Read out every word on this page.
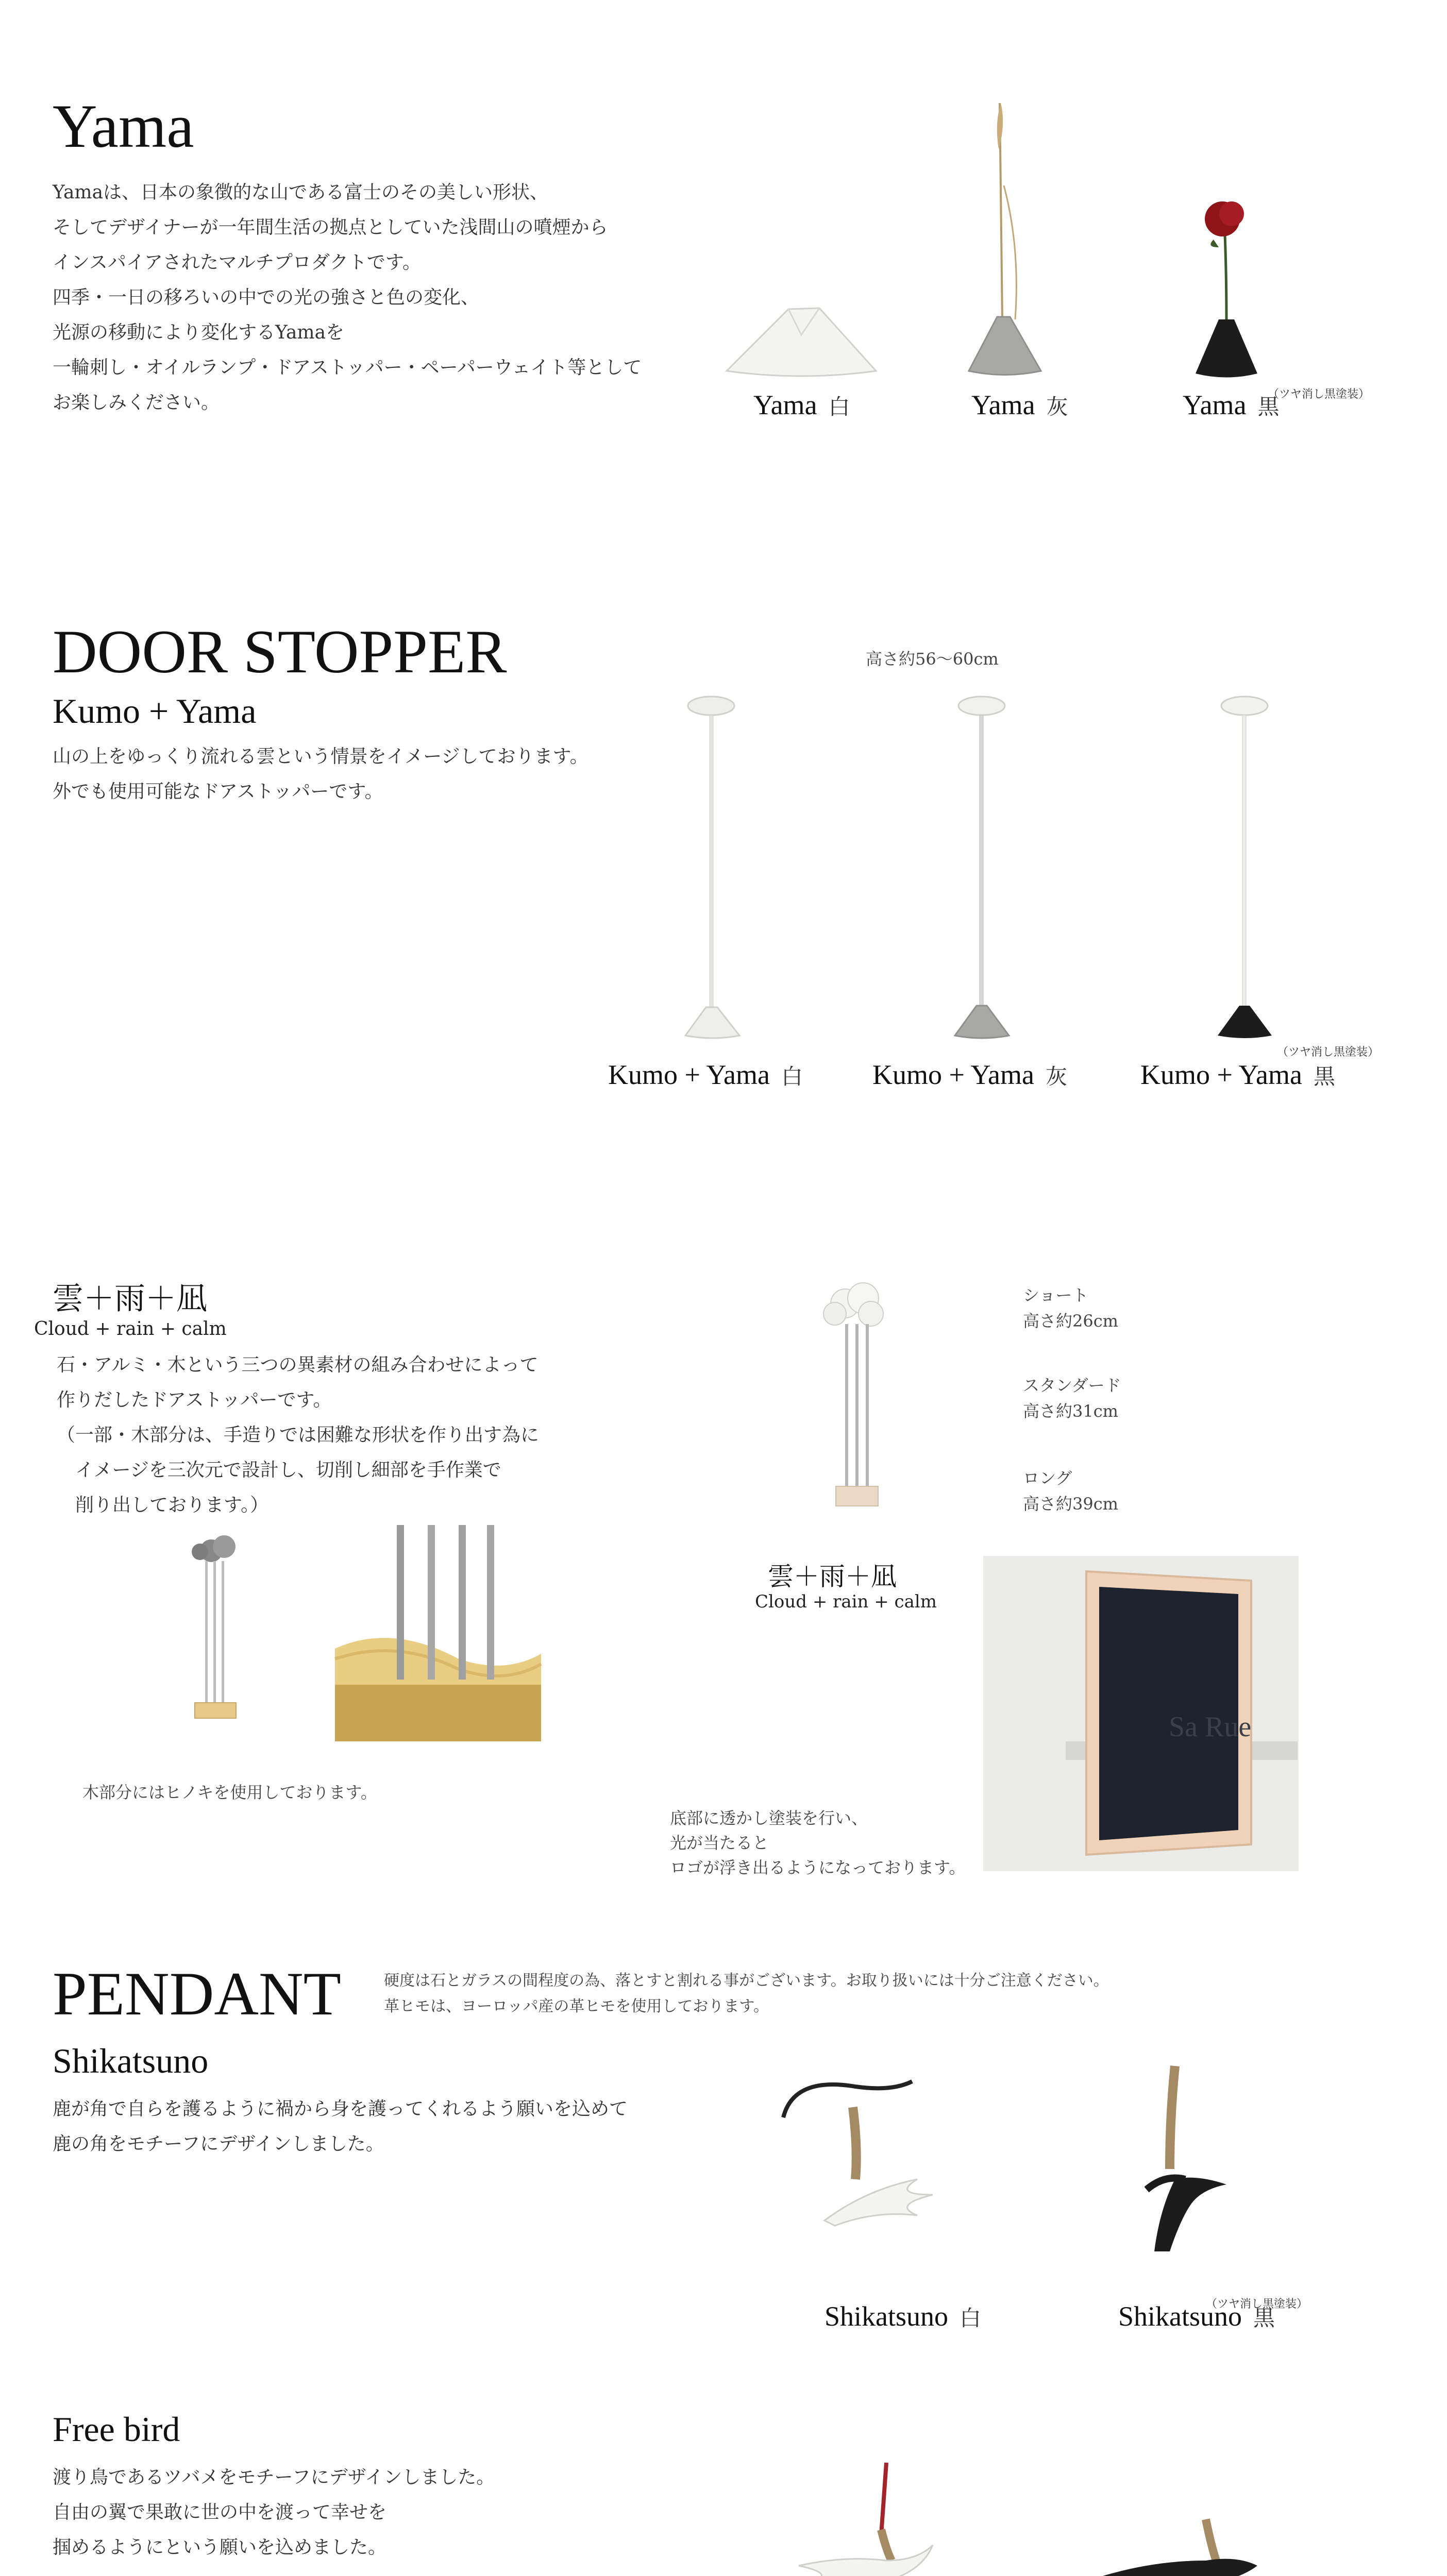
Yama
Yamaは、日本の象徴的な山である富士のその美しい形状、
そしてデザイナーが一年間生活の拠点としていた浅間山の噴煙から
インスパイアされたマルチプロダクトです。
四季・一日の移ろいの中での光の強さと色の変化、
光源の移動により変化するYamaを
一輪刺し・オイルランプ・ドアストッパー・ペーパーウェイト等として
お楽しみください。	Yama 白	Yama 灰
（ツヤ消し黒塗装）
Yama 黒
DOOR STOPPER
Kumo + Yama
山の上をゆっくり流れる雲という情景をイメージしております。
外でも使用可能なドアストッパーです。
高さ約56～60cm
Kumo + Yama 白	Kumo + Yama 灰
（ツヤ消し黒塗装）
Kumo + Yama 黒
雲＋雨＋凪
Cloud + rain + calm
石・アルミ・木という三つの異素材の組み合わせによって
作りだしたドアストッパーです。
（一部・木部分は、手造りでは困難な形状を作り出す為に
　イメージを三次元で設計し、切削し細部を手作業で
　削り出しております。）
木部分にはヒノキを使用しております。
雲＋雨＋凪
Cloud + rain + calm
ショート
高さ約26cm
スタンダード
高さ約31cm
ロング
高さ約39cm
Sa Rue
底部に透かし塗装を行い、
光が当たると
ロゴが浮き出るようになっております。
PENDANT	硬度は石とガラスの間程度の為、落とすと割れる事がございます。お取り扱いには十分ご注意ください。
革ヒモは、ヨーロッパ産の革ヒモを使用しております。
Shikatsuno
鹿が角で自らを護るように禍から身を護ってくれるよう願いを込めて
鹿の角をモチーフにデザインしました。
Shikatsuno 白
（ツヤ消し黒塗装）
Shikatsuno 黒
Free bird
渡り鳥であるツバメをモチーフにデザインしました。
自由の翼で果敢に世の中を渡って幸せを
掴めるようにという願いを込めました。
